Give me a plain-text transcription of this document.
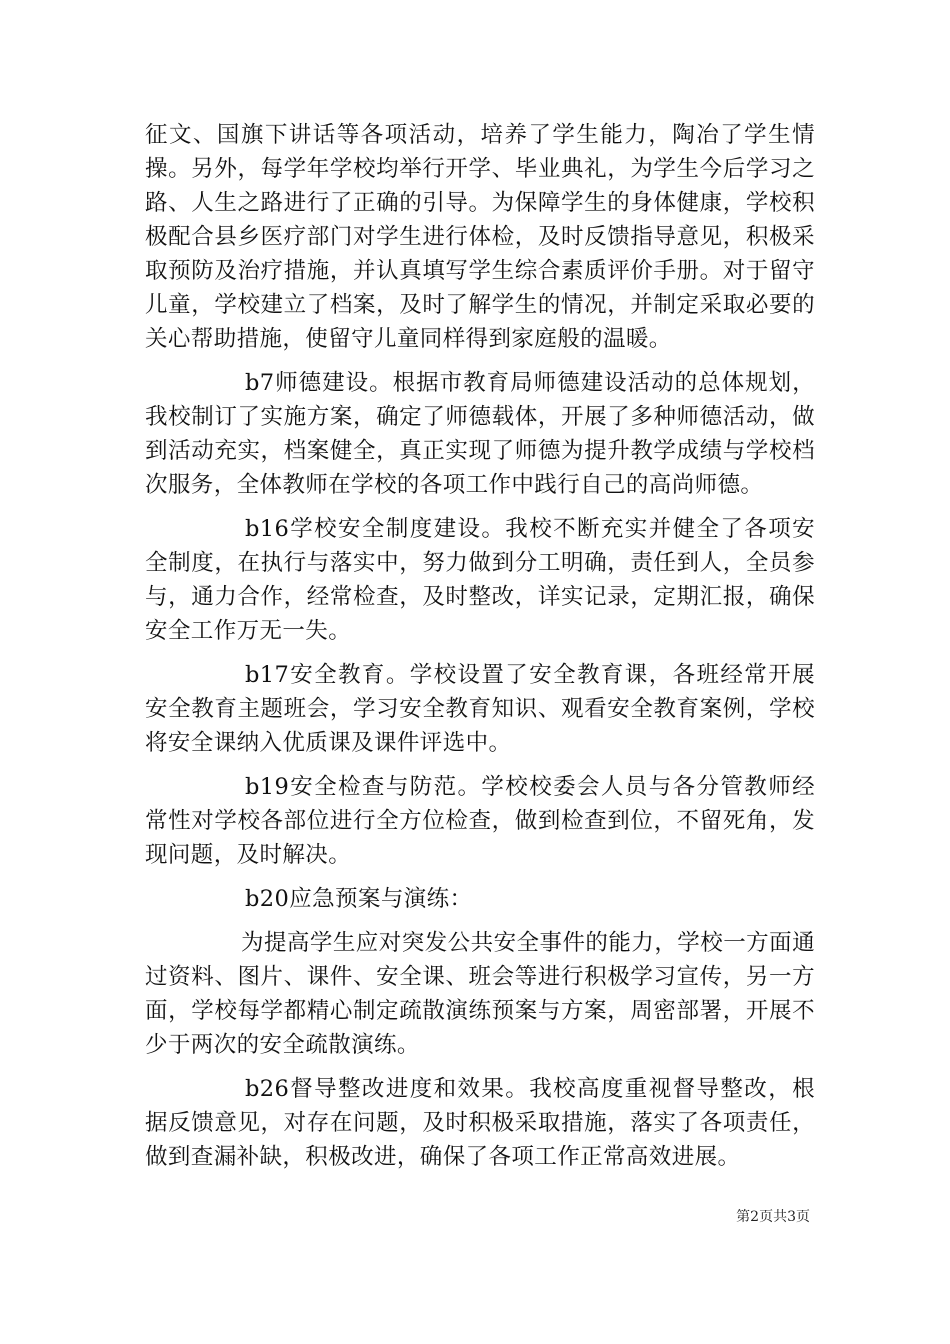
征文、国旗下讲话等各项活动，培养了学生能力，陶冶了学生情操。另外，每学年学校均举行开学、毕业典礼，为学生今后学习之路、人生之路进行了正确的引导。为保障学生的身体健康，学校积极配合县乡医疗部门对学生进行体检，及时反馈指导意见，积极采取预防及治疗措施，并认真填写学生综合素质评价手册。对于留守儿童，学校建立了档案，及时了解学生的情况，并制定采取必要的关心帮助措施，使留守儿童同样得到家庭般的温暖。

b7师德建设。根据市教育局师德建设活动的总体规划，我校制订了实施方案，确定了师德载体，开展了多种师德活动，做到活动充实，档案健全，真正实现了师德为提升教学成绩与学校档次服务，全体教师在学校的各项工作中践行自己的高尚师德。

b16学校安全制度建设。我校不断充实并健全了各项安全制度，在执行与落实中，努力做到分工明确，责任到人，全员参与，通力合作，经常检查，及时整改，详实记录，定期汇报，确保安全工作万无一失。

b17安全教育。学校设置了安全教育课，各班经常开展安全教育主题班会，学习安全教育知识、观看安全教育案例，学校将安全课纳入优质课及课件评选中。

b19安全检查与防范。学校校委会人员与各分管教师经常性对学校各部位进行全方位检查，做到检查到位，不留死角，发现问题，及时解决。

b20应急预案与演练：

为提高学生应对突发公共安全事件的能力，学校一方面通过资料、图片、课件、安全课、班会等进行积极学习宣传，另一方面，学校每学都精心制定疏散演练预案与方案，周密部署，开展不少于两次的安全疏散演练。

b26督导整改进度和效果。我校高度重视督导整改，根据反馈意见，对存在问题，及时积极采取措施，落实了各项责任，做到查漏补缺，积极改进，确保了各项工作正常高效进展。

第2页共3页
